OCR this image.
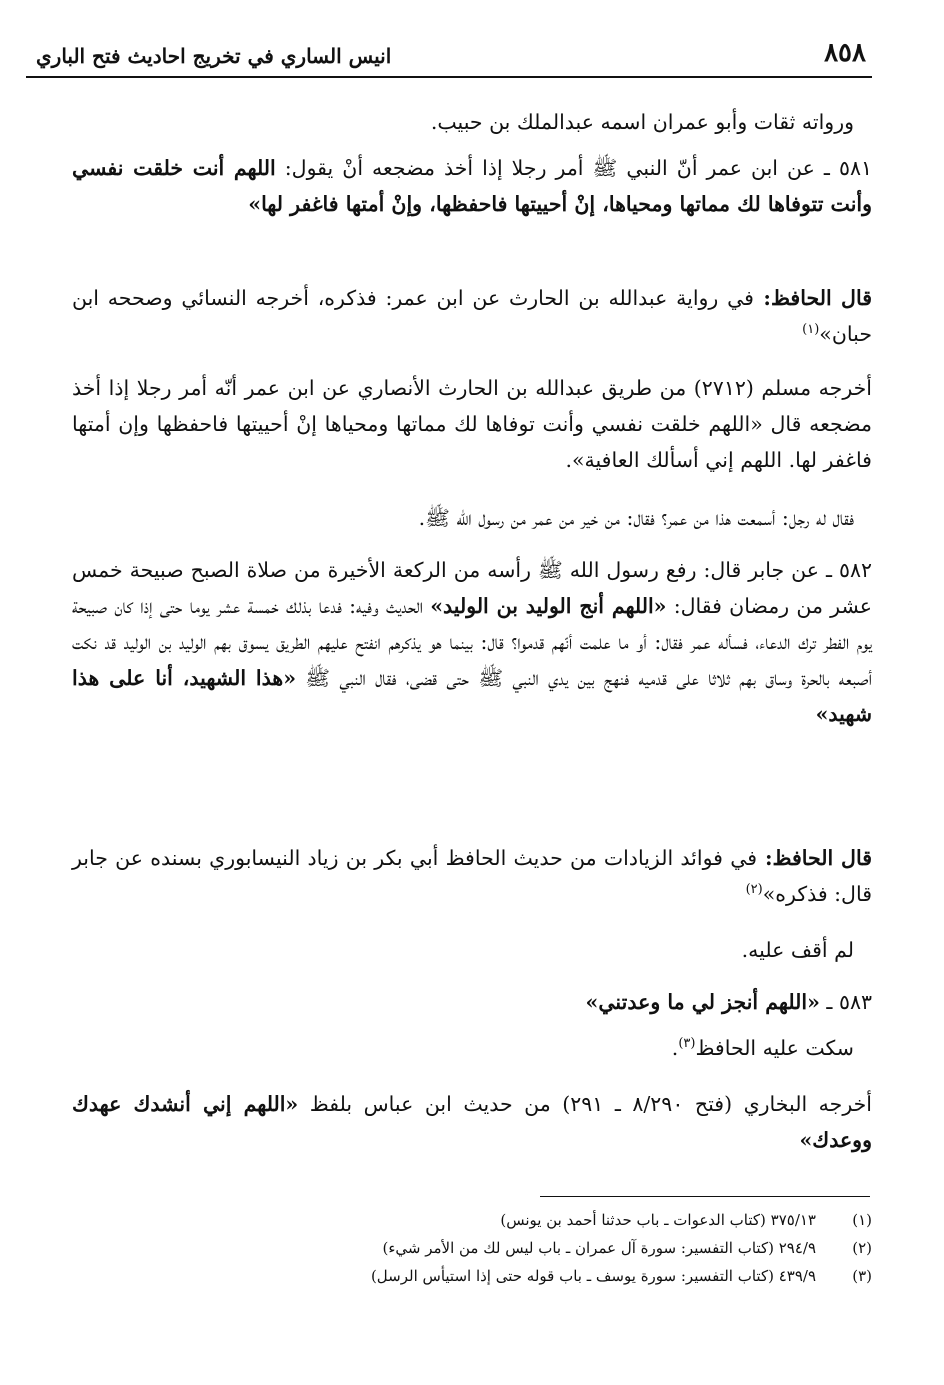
٨٥٨
انيس الساري في تخريج احاديث فتح الباري
ورواته ثقات وأبو عمران اسمه عبدالملك بن حبيب.
٥٨١ ـ عن ابن عمر أنّ النبي ﷺ أمر رجلا إذا أخذ مضجعه أنْ يقول: اللهم أنت خلقت نفسي وأنت تتوفاها لك مماتها ومحياها، إنْ أحييتها فاحفظها، وإنْ أمتها فاغفر لها»
قال الحافظ: في رواية عبدالله بن الحارث عن ابن عمر: فذكره، أخرجه النسائي وصححه ابن حبان»$^{(١)}$
أخرجه مسلم (٢٧١٢) من طريق عبدالله بن الحارث الأنصاري عن ابن عمر أنّه أمر رجلا إذا أخذ مضجعه قال «اللهم خلقت نفسي وأنت توفاها لك مماتها ومحياها إنْ أحييتها فاحفظها وإن أمتها فاغفر لها. اللهم إني أسألك العافية».
فقال له رجل: أسمعت هذا من عمر؟ فقال: من خير من عمر من رسول الله ﷺ.
٥٨٢ ـ عن جابر قال: رفع رسول الله ﷺ رأسه من الركعة الأخيرة من صلاة الصبح صبيحة خمس عشر من رمضان فقال: «اللهم أنج الوليد بن الوليد» الحديث وفيه: فدعا بذلك خمسة عشر يوما حتى إذا كان صبيحة يوم الفطر ترك الدعاء، فسأله عمر فقال: أو ما علمت أنّهم قدموا؟ قال: بينما هو يذكرهم انفتح عليهم الطريق يسوق بهم الوليد بن الوليد قد نكت أصبعه بالحرة وساق بهم ثلاثا على قدميه فنهج بين يدي النبي ﷺ حتى قضى، فقال النبي ﷺ «هذا الشهيد، أنا على هذا شهيد»
قال الحافظ: في فوائد الزيادات من حديث الحافظ أبي بكر بن زياد النيسابوري بسنده عن جابر قال: فذكره»$^{(٢)}$
لم أقف عليه.
٥٨٣ ـ «اللهم أنجز لي ما وعدتني»
سكت عليه الحافظ$^{(٣)}$.
أخرجه البخاري (فتح ٨/٢٩٠ ـ ٢٩١) من حديث ابن عباس بلفظ «اللهم إني أنشدك عهدك ووعدك»
(١)
٣٧٥/١٣ (كتاب الدعوات ـ باب حدثنا أحمد بن يونس)
(٢)
٢٩٤/٩ (كتاب التفسير: سورة آل عمران ـ باب ليس لك من الأمر شيء)
(٣)
٤٣٩/٩ (كتاب التفسير: سورة يوسف ـ باب قوله حتى إذا استيأس الرسل)
